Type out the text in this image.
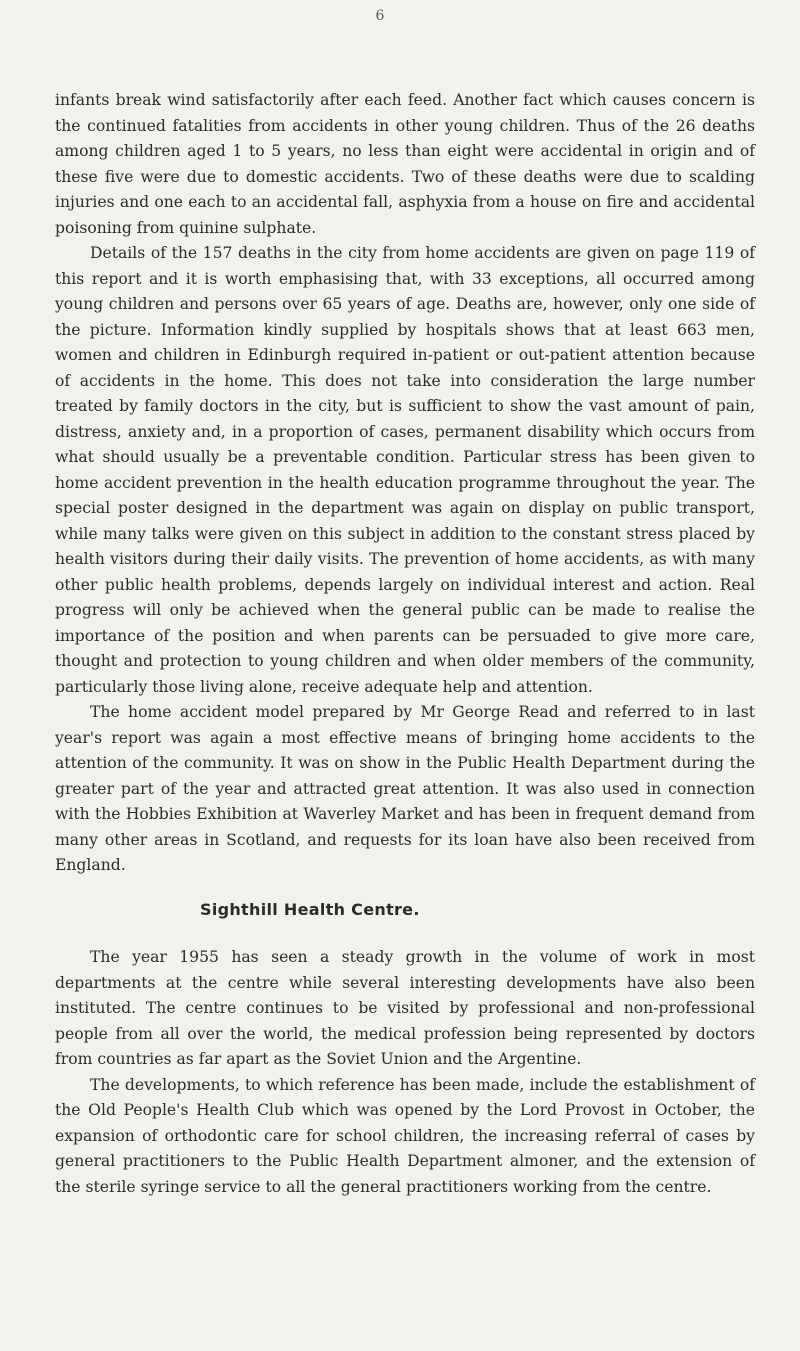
6

infants break wind satisfactorily after each feed. Another fact which causes concern is the continued fatalities from accidents in other young children. Thus of the 26 deaths among children aged 1 to 5 years, no less than eight were accidental in origin and of these five were due to domestic accidents. Two of these deaths were due to scalding injuries and one each to an accidental fall, asphyxia from a house on fire and accidental poisoning from quinine sulphate.

Details of the 157 deaths in the city from home accidents are given on page 119 of this report and it is worth emphasising that, with 33 exceptions, all occurred among young children and persons over 65 years of age. Deaths are, however, only one side of the picture. Information kindly supplied by hospitals shows that at least 663 men, women and children in Edinburgh required in-patient or out-patient attention because of accidents in the home. This does not take into consideration the large number treated by family doctors in the city, but is sufficient to show the vast amount of pain, distress, anxiety and, in a proportion of cases, permanent disability which occurs from what should usually be a preventable condition. Particular stress has been given to home accident prevention in the health education programme throughout the year. The special poster designed in the department was again on display on public transport, while many talks were given on this subject in addition to the constant stress placed by health visitors during their daily visits. The prevention of home accidents, as with many other public health problems, depends largely on individual interest and action. Real progress will only be achieved when the general public can be made to realise the importance of the position and when parents can be persuaded to give more care, thought and protection to young children and when older members of the community, particularly those living alone, receive adequate help and attention.

The home accident model prepared by Mr George Read and referred to in last year's report was again a most effective means of bringing home accidents to the attention of the community. It was on show in the Public Health Department during the greater part of the year and attracted great attention. It was also used in connection with the Hobbies Exhibition at Waverley Market and has been in frequent demand from many other areas in Scotland, and requests for its loan have also been received from England.

Sighthill Health Centre.

The year 1955 has seen a steady growth in the volume of work in most departments at the centre while several interesting developments have also been instituted. The centre continues to be visited by professional and non-professional people from all over the world, the medical profession being represented by doctors from countries as far apart as the Soviet Union and the Argentine.

The developments, to which reference has been made, include the establishment of the Old People's Health Club which was opened by the Lord Provost in October, the expansion of orthodontic care for school children, the increasing referral of cases by general practitioners to the Public Health Department almoner, and the extension of the sterile syringe service to all the general practitioners working from the centre.
